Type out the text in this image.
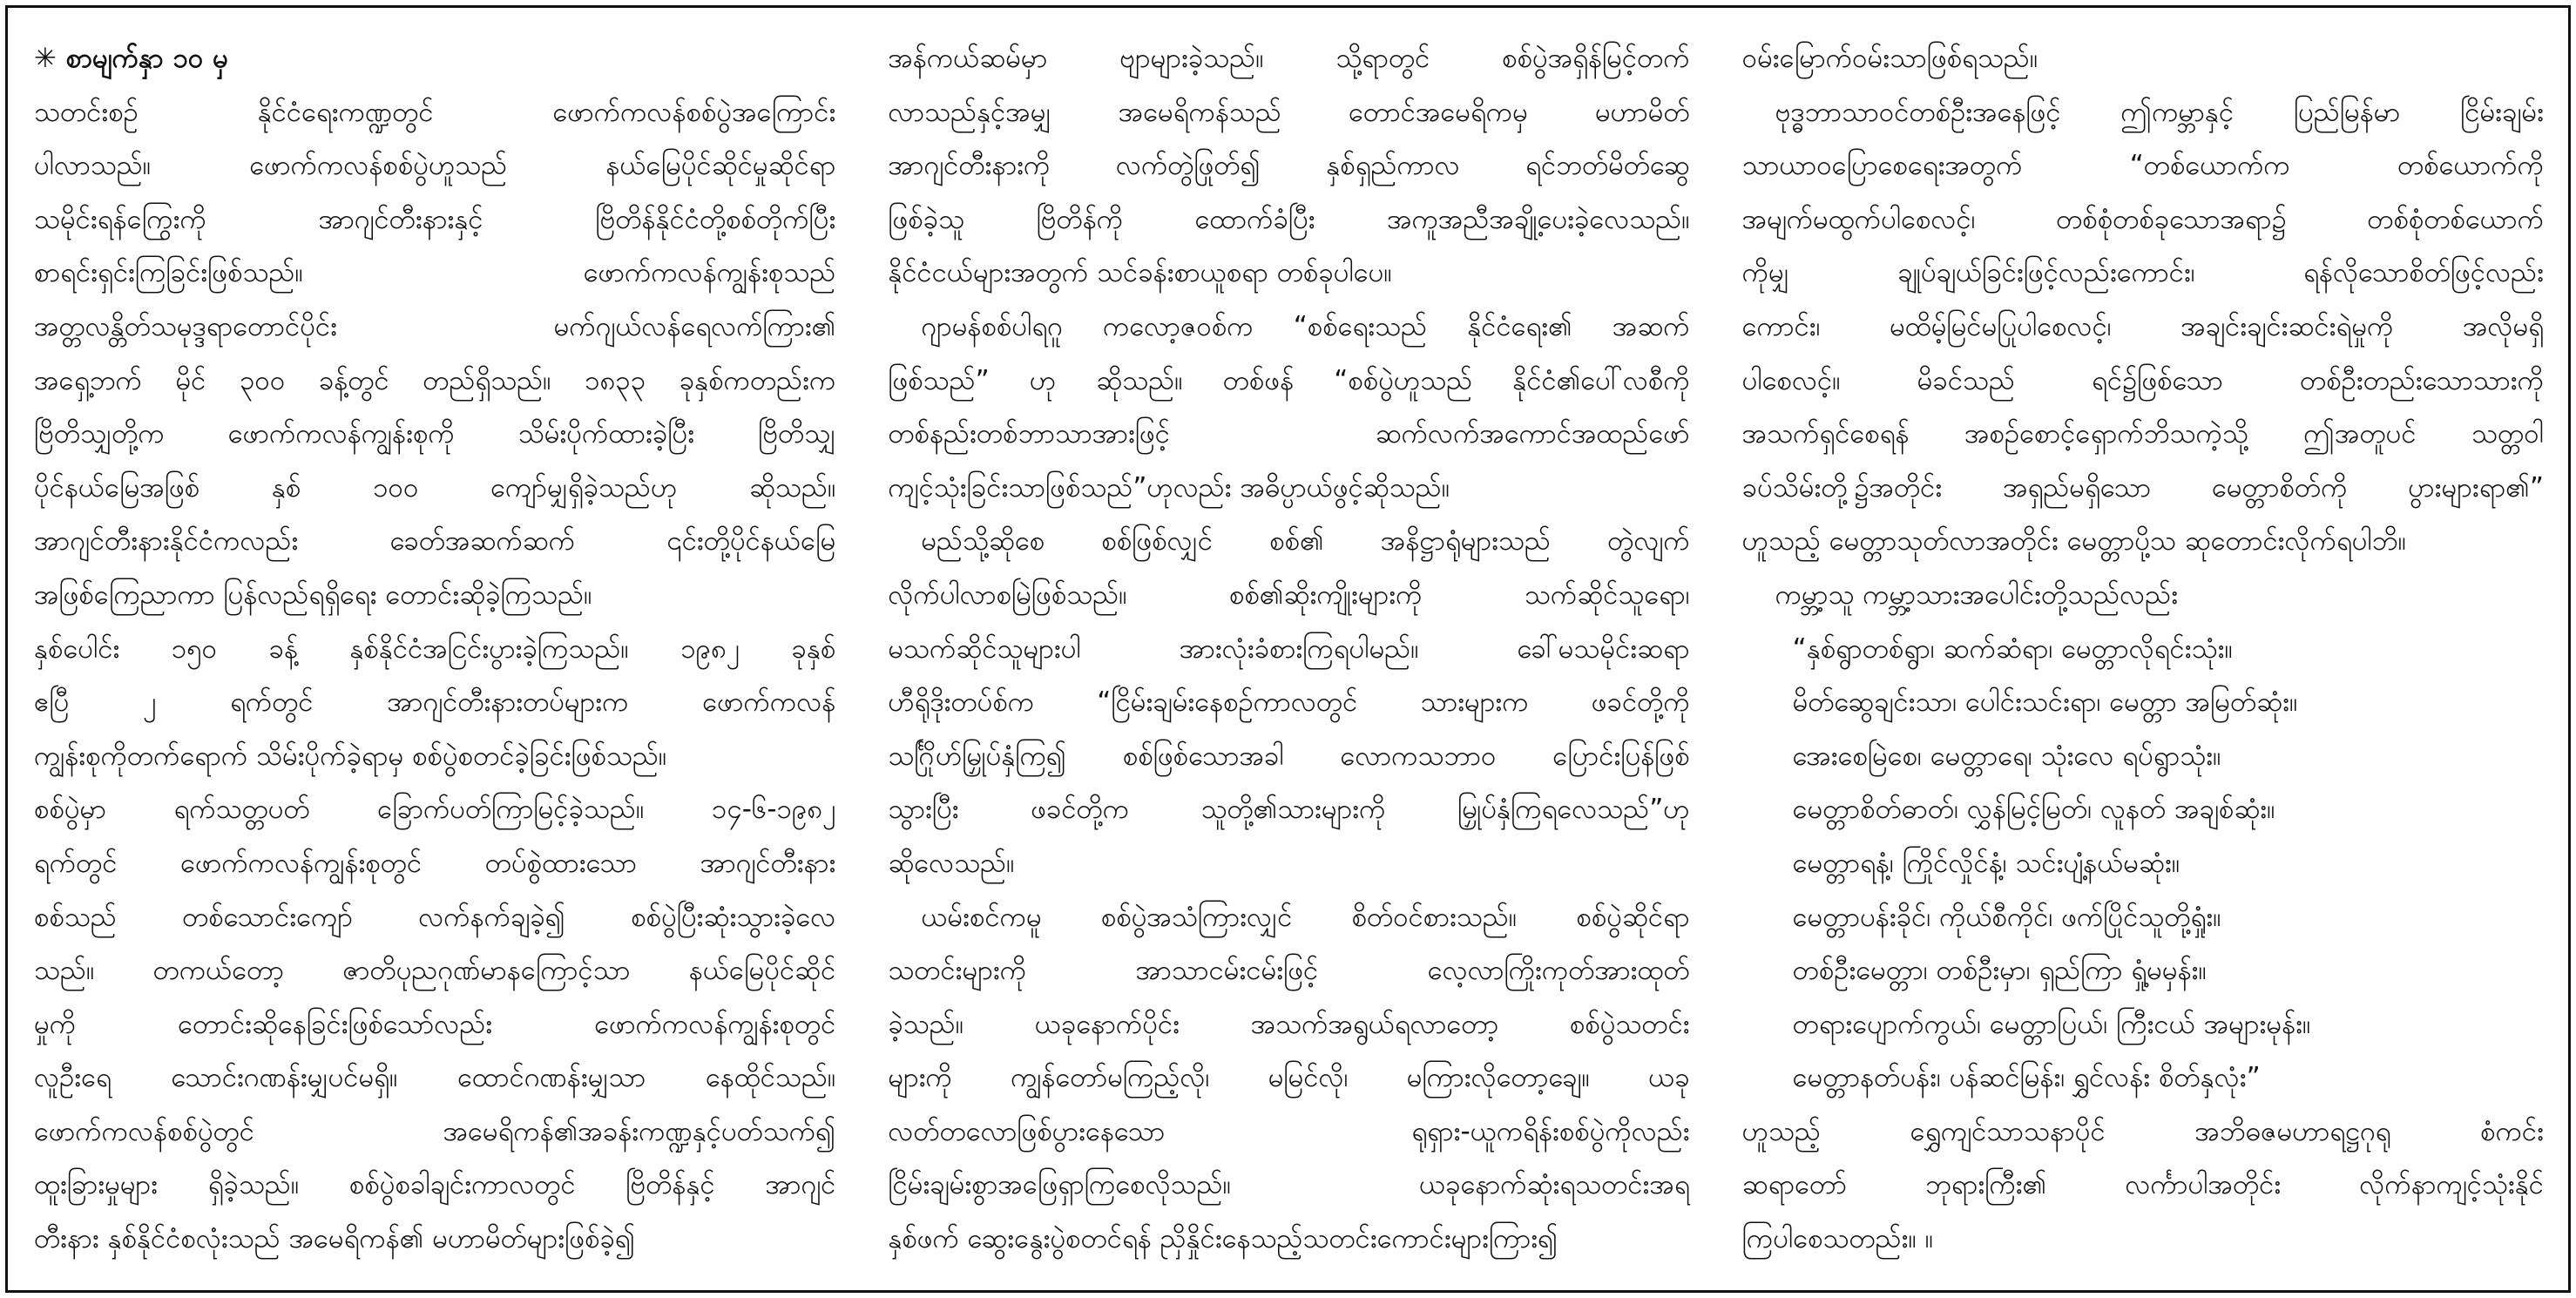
✳ စာမျက်နှာ ၁၀ မှ
သတင်းစဉ် နိုင်ငံရေးကဏ္ဍတွင် ဖောက်ကလန်စစ်ပွဲအကြောင်း
ပါလာသည်။ ဖောက်ကလန်စစ်ပွဲဟူသည် နယ်မြေပိုင်ဆိုင်မှုဆိုင်ရာ
သမိုင်းရန်ကြွေးကို အာဂျင်တီးနားနှင့် ဗြိတိန်နိုင်ငံတို့စစ်တိုက်ပြီး
စာရင်းရှင်းကြခြင်းဖြစ်သည်။ ဖောက်ကလန်ကျွန်းစုသည်
အတ္တလန္တိတ်သမုဒ္ဒရာတောင်ပိုင်း မက်ဂျယ်လန်ရေလက်ကြား၏
အရှေ့ဘက် မိုင် ၃၀၀ ခန့်တွင် တည်ရှိသည်။ ၁၈၃၃ ခုနှစ်ကတည်းက
ဗြိတိသျှတို့က ဖောက်ကလန်ကျွန်းစုကို သိမ်းပိုက်ထားခဲ့ပြီး ဗြိတိသျှ
ပိုင်နယ်မြေအဖြစ် နှစ် ၁၀၀ ကျော်မျှရှိခဲ့သည်ဟု ဆိုသည်။
အာဂျင်တီးနားနိုင်ငံကလည်း ခေတ်အဆက်ဆက် ၎င်းတို့ပိုင်နယ်မြေ
အဖြစ်ကြေညာကာ ပြန်လည်ရရှိရေး တောင်းဆိုခဲ့ကြသည်။
နှစ်ပေါင်း ၁၅၀ ခန့် နှစ်နိုင်ငံအငြင်းပွားခဲ့ကြသည်။ ၁၉၈၂ ခုနှစ်
ဧပြီ ၂ ရက်တွင် အာဂျင်တီးနားတပ်များက ဖောက်ကလန်
ကျွန်းစုကိုတက်ရောက် သိမ်းပိုက်ခဲ့ရာမှ စစ်ပွဲစတင်ခဲ့ခြင်းဖြစ်သည်။
စစ်ပွဲမှာ ရက်သတ္တပတ် ခြောက်ပတ်ကြာမြင့်ခဲ့သည်။ ၁၄-၆-၁၉၈၂
ရက်တွင် ဖောက်ကလန်ကျွန်းစုတွင် တပ်စွဲထားသော အာဂျင်တီးနား
စစ်သည် တစ်သောင်းကျော် လက်နက်ချခဲ့၍ စစ်ပွဲပြီးဆုံးသွားခဲ့လေ
သည်။ တကယ်တော့ ဇာတိပုညဂုဏ်မာနကြောင့်သာ နယ်မြေပိုင်ဆိုင်
မှုကို တောင်းဆိုနေခြင်းဖြစ်သော်လည်း ဖောက်ကလန်ကျွန်းစုတွင်
လူဦးရေ သောင်းဂဏန်းမျှပင်မရှိ။ ထောင်ဂဏန်းမျှသာ နေထိုင်သည်။
ဖောက်ကလန်စစ်ပွဲတွင် အမေရိကန်၏အခန်းကဏ္ဍနှင့်ပတ်သက်၍
ထူးခြားမှုများ ရှိခဲ့သည်။ စစ်ပွဲစခါချင်းကာလတွင် ဗြိတိန်နှင့် အာဂျင်
တီးနား နှစ်နိုင်ငံစလုံးသည် အမေရိကန်၏ မဟာမိတ်များဖြစ်ခဲ့၍
အန်ကယ်ဆမ်မှာ ဗျာများခဲ့သည်။ သို့ရာတွင် စစ်ပွဲအရှိန်မြင့်တက်
လာသည်နှင့်အမျှ အမေရိကန်သည် တောင်အမေရိကမှ မဟာမိတ်
အာဂျင်တီးနားကို လက်တွဲဖြုတ်၍ နှစ်ရှည်ကာလ ရင်ဘတ်မိတ်ဆွေ
ဖြစ်ခဲ့သူ ဗြိတိန်ကို ထောက်ခံပြီး အကူအညီအချို့ပေးခဲ့လေသည်။
နိုင်ငံငယ်များအတွက် သင်ခန်းစာယူစရာ တစ်ခုပါပေ။
ဂျာမန်စစ်ပါရဂူ ကလော့ဇဝစ်က “စစ်ရေးသည် နိုင်ငံရေး၏ အဆက်
ဖြစ်သည်” ဟု ဆိုသည်။ တစ်ဖန် “စစ်ပွဲဟူသည် နိုင်ငံ၏ပေါ်လစီကို
တစ်နည်းတစ်ဘာသာအားဖြင့် ဆက်လက်အကောင်အထည်ဖော်
ကျင့်သုံးခြင်းသာဖြစ်သည်”ဟုလည်း အဓိပ္ပာယ်ဖွင့်ဆိုသည်။
မည်သို့ဆိုစေ စစ်ဖြစ်လျှင် စစ်၏ အနိဋ္ဌာရုံများသည် တွဲလျက်
လိုက်ပါလာစမြဲဖြစ်သည်။ စစ်၏ဆိုးကျိုးများကို သက်ဆိုင်သူရော၊
မသက်ဆိုင်သူများပါ အားလုံးခံစားကြရပါမည်။ ခေါ်မသမိုင်းဆရာ
ဟီရိုဒိုးတပ်စ်က “ငြိမ်းချမ်းနေစဉ်ကာလတွင် သားများက ဖခင်တို့ကို
သင်္ဂြိုဟ်မြှုပ်နှံကြ၍ စစ်ဖြစ်သောအခါ လောကသဘာဝ ပြောင်းပြန်ဖြစ်
သွားပြီး ဖခင်တို့က သူတို့၏သားများကို မြှုပ်နှံကြရလေသည်”ဟု
ဆိုလေသည်။
ယမ်းစင်ကမူ စစ်ပွဲအသံကြားလျှင် စိတ်ဝင်စားသည်။ စစ်ပွဲဆိုင်ရာ
သတင်းများကို အာသာငမ်းငမ်းဖြင့် လေ့လာကြိုးကုတ်အားထုတ်
ခဲ့သည်။ ယခုနောက်ပိုင်း အသက်အရွယ်ရလာတော့ စစ်ပွဲသတင်း
များကို ကျွန်တော်မကြည့်လို၊ မမြင်လို၊ မကြားလိုတော့ချေ။ ယခု
လတ်တလောဖြစ်ပွားနေသော ရုရှား-ယူကရိန်းစစ်ပွဲကိုလည်း
ငြိမ်းချမ်းစွာအဖြေရှာကြစေလိုသည်။ ယခုနောက်ဆုံးရသတင်းအရ
နှစ်ဖက် ဆွေးနွေးပွဲစတင်ရန် ညှိနှိုင်းနေသည့်သတင်းကောင်းများကြား၍
ဝမ်းမြောက်ဝမ်းသာဖြစ်ရသည်။
ဗုဒ္ဓဘာသာဝင်တစ်ဦးအနေဖြင့် ဤကမ္ဘာနှင့် ပြည်မြန်မာ ငြိမ်းချမ်း
သာယာဝပြောစေရေးအတွက် “တစ်ယောက်က တစ်ယောက်ကို
အမျက်မထွက်ပါစေလင့်၊ တစ်စုံတစ်ခုသောအရာ၌ တစ်စုံတစ်ယောက်
ကိုမျှ ချုပ်ချယ်ခြင်းဖြင့်လည်းကောင်း၊ ရန်လိုသောစိတ်ဖြင့်လည်း
ကောင်း၊ မထိမ့်မြင်မပြုပါစေလင့်၊ အချင်းချင်းဆင်းရဲမှုကို အလိုမရှိ
ပါစေလင့်။ မိခင်သည် ရင်၌ဖြစ်သော တစ်ဦးတည်းသောသားကို
အသက်ရှင်စေရန် အစဉ်စောင့်ရှောက်ဘိသကဲ့သို့ ဤအတူပင် သတ္တဝါ
ခပ်သိမ်းတို့၌အတိုင်း အရှည်မရှိသော မေတ္တာစိတ်ကို ပွားများရာ၏”
ဟူသည့် မေတ္တာသုတ်လာအတိုင်း မေတ္တာပို့သ ဆုတောင်းလိုက်ရပါဘိ။
ကမ္ဘာ့သူ ကမ္ဘာ့သားအပေါင်းတို့သည်လည်း
“နှစ်ရွာတစ်ရွာ၊ ဆက်ဆံရာ၊ မေတ္တာလိုရင်းသုံး။
မိတ်ဆွေချင်းသာ၊ ပေါင်းသင်းရာ၊ မေတ္တာ အမြတ်ဆုံး။
အေးစေမြဲစေ၊ မေတ္တာရေ၊ သုံးလေ ရပ်ရွာသုံး။
မေတ္တာစိတ်ဓာတ်၊ လွှန်မြင့်မြတ်၊ လူနတ် အချစ်ဆုံး။
မေတ္တာရနံ့၊ ကြိုင်လှိုင်နံ့၊ သင်းပျံ့နယ်မဆုံး။
မေတ္တာပန်းခိုင်၊ ကိုယ်စီကိုင်၊ ဖက်ပြိုင်သူတို့ရှုံး။
တစ်ဦးမေတ္တာ၊ တစ်ဦးမှာ၊ ရှည်ကြာ ရှုံ့မမှန်း။
တရားပျောက်ကွယ်၊ မေတ္တာပြယ်၊ ကြီးငယ် အများမုန်း။
မေတ္တာနတ်ပန်း၊ ပန်ဆင်မြန်း၊ ရွှင်လန်း စိတ်နှလုံး”
ဟူသည့် ရွှေကျင်သာသနာပိုင် အဘိဓဇမဟာရဋ္ဌဂုရု စံကင်း
ဆရာတော် ဘုရားကြီး၏ လင်္ကာပါအတိုင်း လိုက်နာကျင့်သုံးနိုင်
ကြပါစေသတည်း။ ။
